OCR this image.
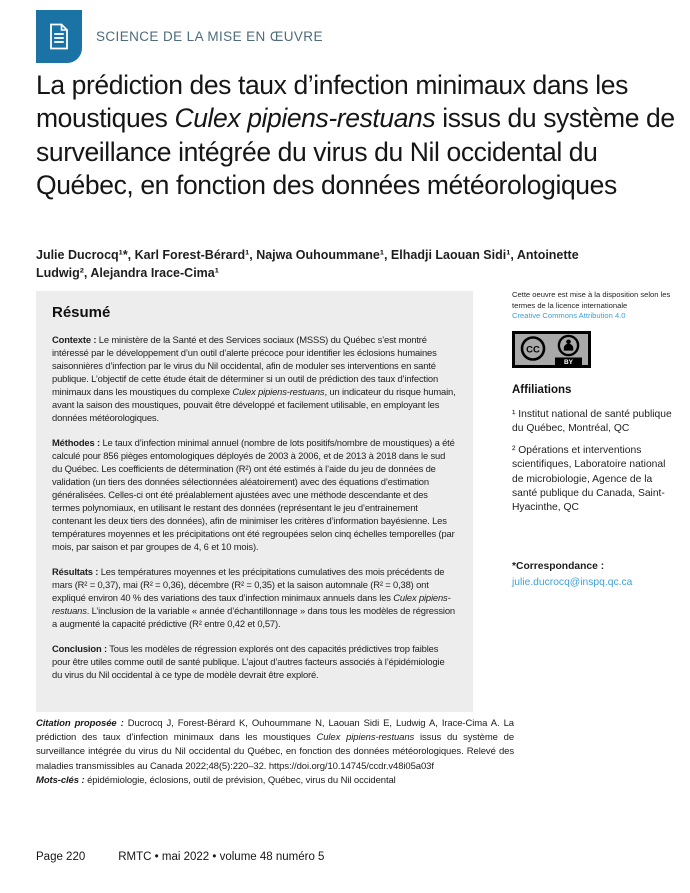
SCIENCE DE LA MISE EN ŒUVRE
La prédiction des taux d’infection minimaux dans les moustiques Culex pipiens-restuans issus du système de surveillance intégrée du virus du Nil occidental du Québec, en fonction des données météorologiques
Julie Ducrocq¹*, Karl Forest-Bérard¹, Najwa Ouhoummane¹, Elhadji Laouan Sidi¹, Antoinette Ludwig², Alejandra Irace-Cima¹
Résumé

Contexte : Le ministère de la Santé et des Services sociaux (MSSS) du Québec s’est montré intéressé par le développement d’un outil d’alerte précoce pour identifier les éclosions humaines saisonnières d’infection par le virus du Nil occidental, afin de moduler ses interventions en santé publique. L’objectif de cette étude était de déterminer si un outil de prédiction des taux d’infection minimaux dans les moustiques du complexe Culex pipiens-restuans, un indicateur du risque humain, avant la saison des moustiques, pouvait être développé et facilement utilisable, en employant les données météorologiques.

Méthodes : Le taux d’infection minimal annuel (nombre de lots positifs/nombre de moustiques) a été calculé pour 856 pièges entomologiques déployés de 2003 à 2006, et de 2013 à 2018 dans le sud du Québec. Les coefficients de détermination (R²) ont été estimés à l’aide du jeu de données de validation (un tiers des données sélectionnées aléatoirement) avec des équations d’estimation généralisées. Celles-ci ont été préalablement ajustées avec une méthode descendante et des termes polynomiaux, en utilisant le restant des données (représentant le jeu d’entrainement contenant les deux tiers des données), afin de minimiser les critères d’information bayésienne. Les températures moyennes et les précipitations ont été regroupées selon cinq échelles temporelles (par mois, par saison et par groupes de 4, 6 et 10 mois).

Résultats : Les températures moyennes et les précipitations cumulatives des mois précédents de mars (R² = 0,37), mai (R² = 0,36), décembre (R² = 0,35) et la saison automnale (R² = 0,38) ont expliqué environ 40 % des variations des taux d’infection minimaux annuels dans les Culex pipiens-restuans. L’inclusion de la variable « année d’échantillonnage » dans tous les modèles de régression a augmenté la capacité prédictive (R² entre 0,42 et 0,57).

Conclusion : Tous les modèles de régression explorés ont des capacités prédictives trop faibles pour être utiles comme outil de santé publique. L’ajout d’autres facteurs associés à l’épidémiologie du virus du Nil occidental à ce type de modèle devrait être exploré.

Citation proposée : Ducrocq J, Forest-Bérard K, Ouhoummane N, Laouan Sidi E, Ludwig A, Irace-Cima A. La prédiction des taux d’infection minimaux dans les moustiques Culex pipiens-restuans issus du système de surveillance intégrée du virus du Nil occidental du Québec, en fonction des données météorologiques. Relevé des maladies transmissibles au Canada 2022;48(5):220–32. https://doi.org/10.14745/ccdr.v48i05a03f

Mots-clés : épidémiologie, éclosions, outil de prévision, Québec, virus du Nil occidental

Cette oeuvre est mise à la disposition selon les termes de la licence internationale
Creative Commons Attribution 4.0
CC
BY
Affiliations
¹ Institut national de santé publique du Québec, Montréal, QC
² Opérations et interventions scientifiques, Laboratoire national de microbiologie, Agence de la santé publique du Canada, Saint-Hyacinthe, QC
*Correspondance :
julie.ducrocq@inspq.qc.ca
Page 220	RMTC • mai 2022 • volume 48 numéro 5
